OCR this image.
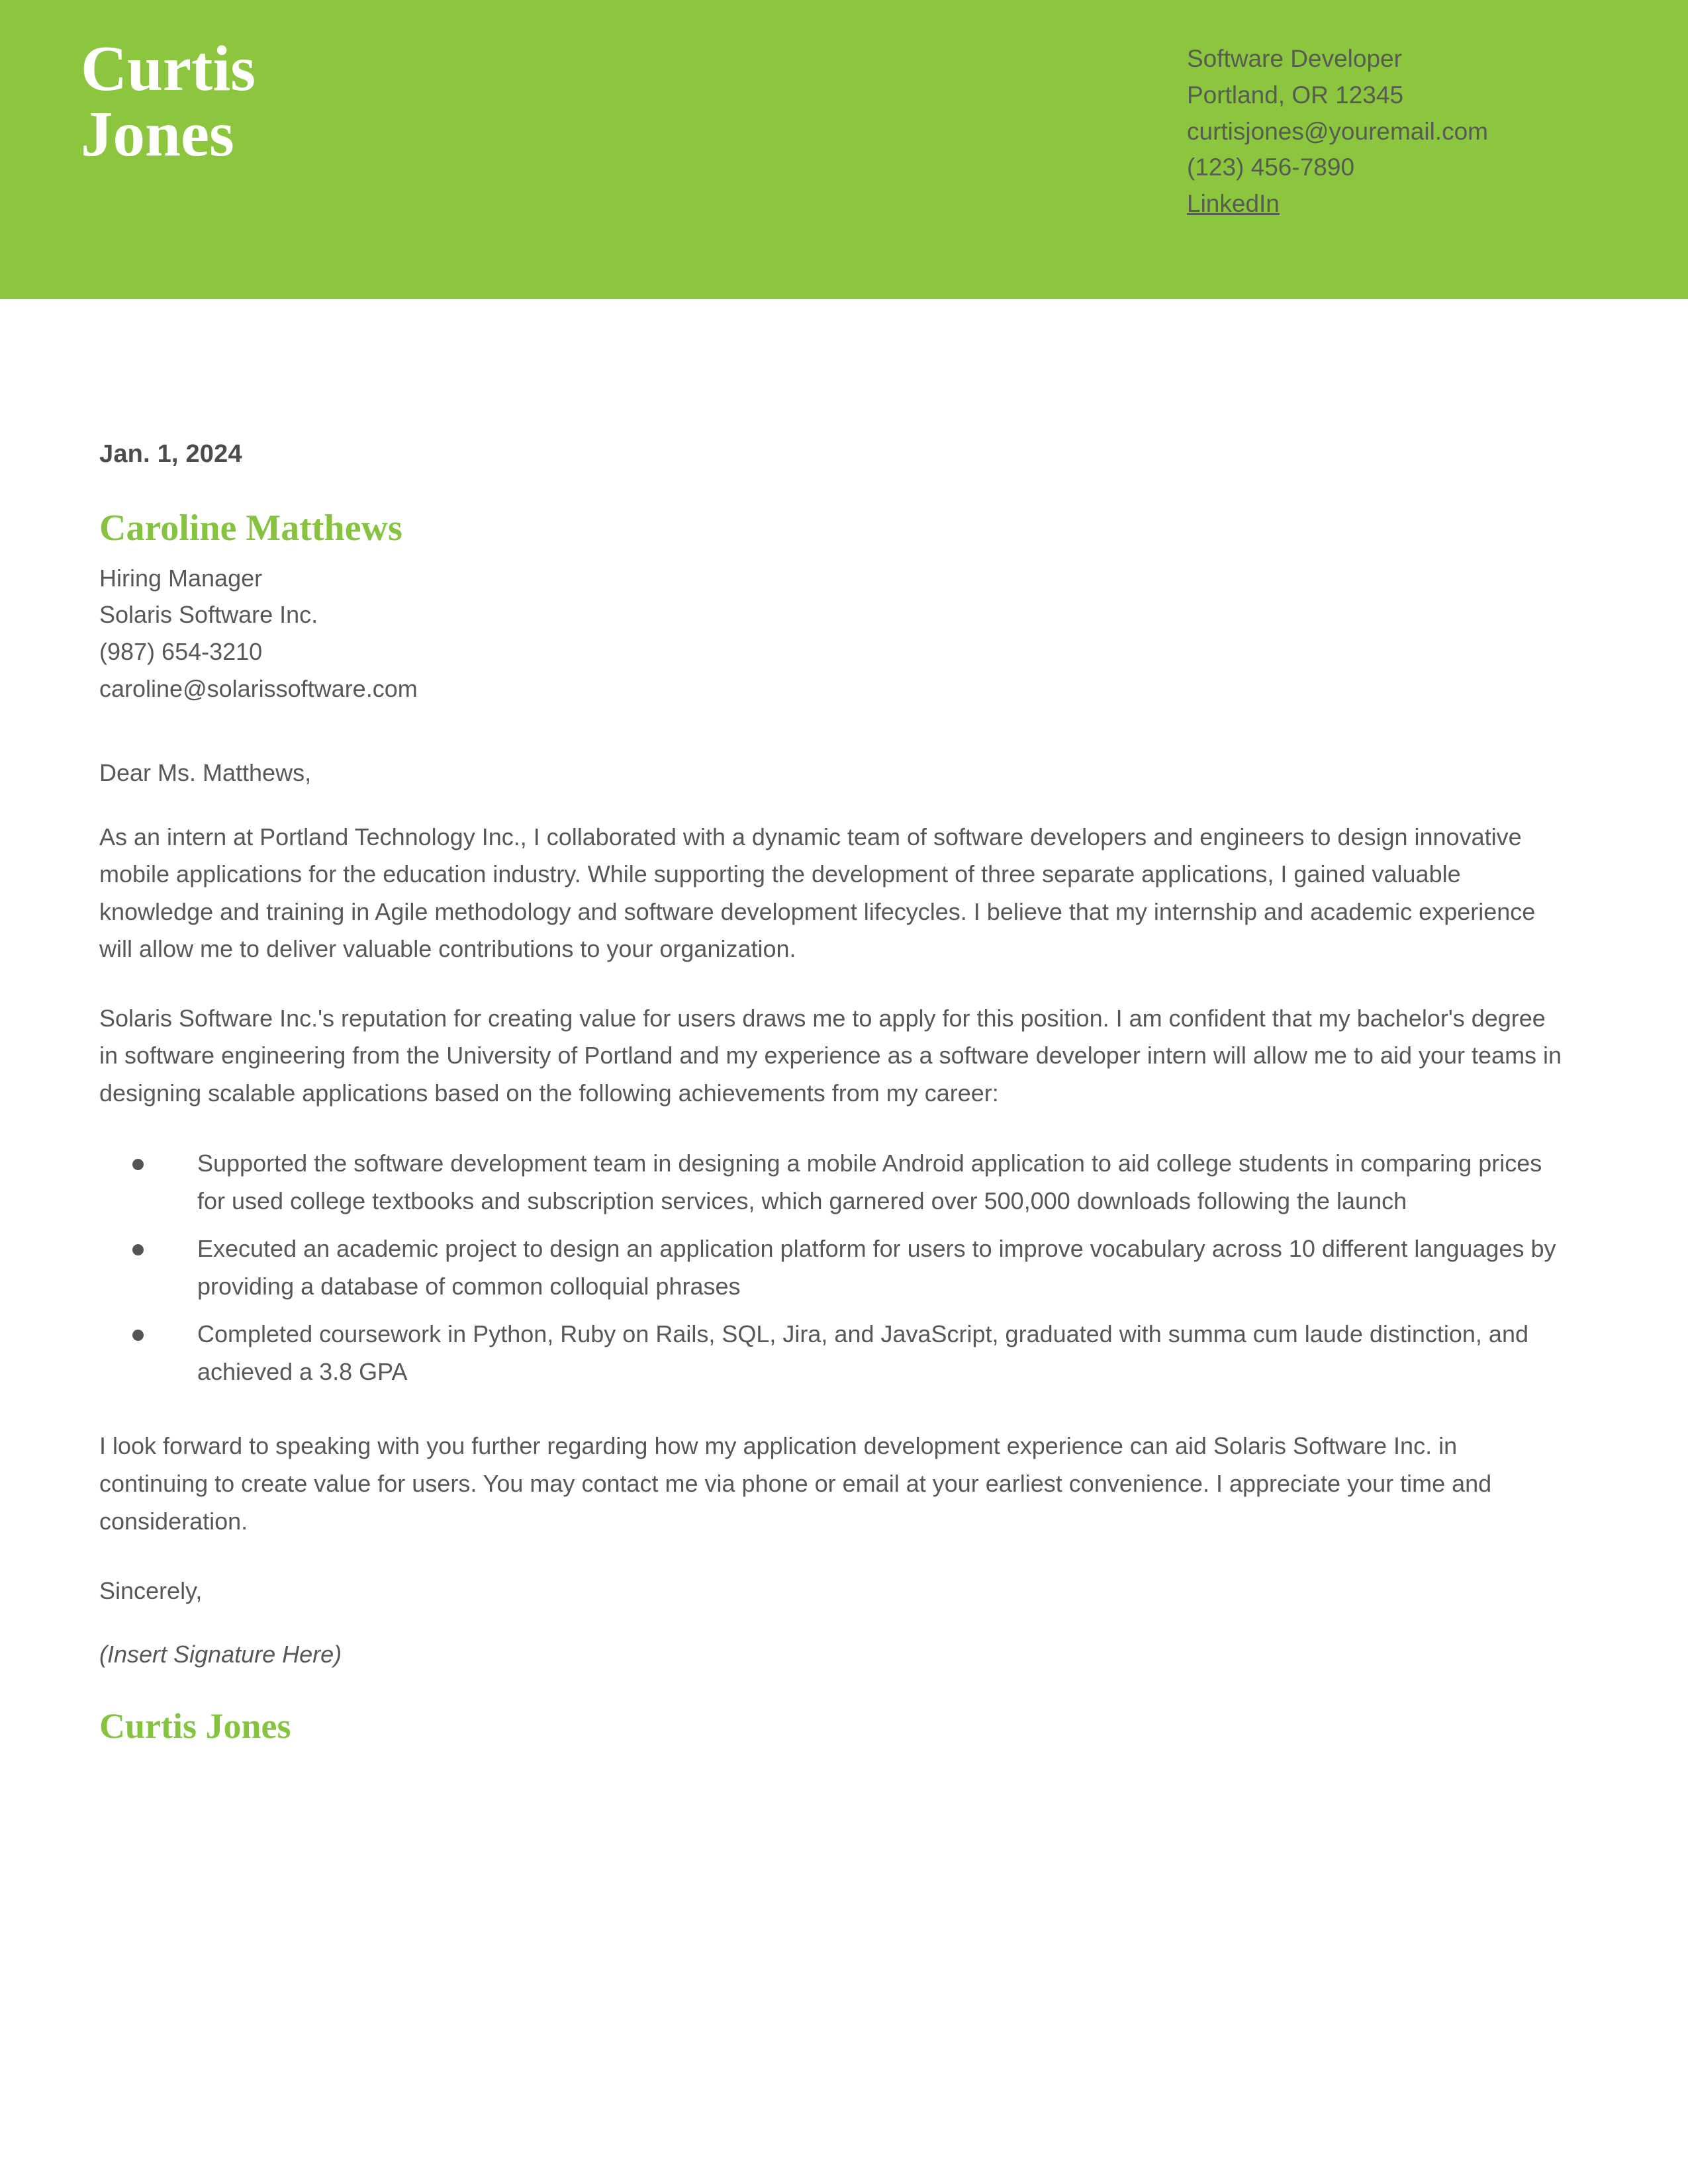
Curtis
Jones
Software Developer
Portland, OR 12345
curtisjones@youremail.com
(123) 456-7890
LinkedIn
Jan. 1, 2024
Caroline Matthews
Hiring Manager
Solaris Software Inc.
(987) 654-3210
caroline@solarissoftware.com
Dear Ms. Matthews,

As an intern at Portland Technology Inc., I collaborated with a dynamic team of software developers and engineers to design innovative mobile applications for the education industry. While supporting the development of three separate applications, I gained valuable knowledge and training in Agile methodology and software development lifecycles. I believe that my internship and academic experience will allow me to deliver valuable contributions to your organization.

Solaris Software Inc.'s reputation for creating value for users draws me to apply for this position. I am confident that my bachelor's degree in software engineering from the University of Portland and my experience as a software developer intern will allow me to aid your teams in designing scalable applications based on the following achievements from my career:

Supported the software development team in designing a mobile Android application to aid college students in comparing prices for used college textbooks and subscription services, which garnered over 500,000 downloads following the launch
Executed an academic project to design an application platform for users to improve vocabulary across 10 different languages by providing a database of common colloquial phrases
Completed coursework in Python, Ruby on Rails, SQL, Jira, and JavaScript, graduated with summa cum laude distinction, and achieved a 3.8 GPA

I look forward to speaking with you further regarding how my application development experience can aid Solaris Software Inc. in continuing to create value for users. You may contact me via phone or email at your earliest convenience. I appreciate your time and consideration.

Sincerely,
(Insert Signature Here)
Curtis Jones
